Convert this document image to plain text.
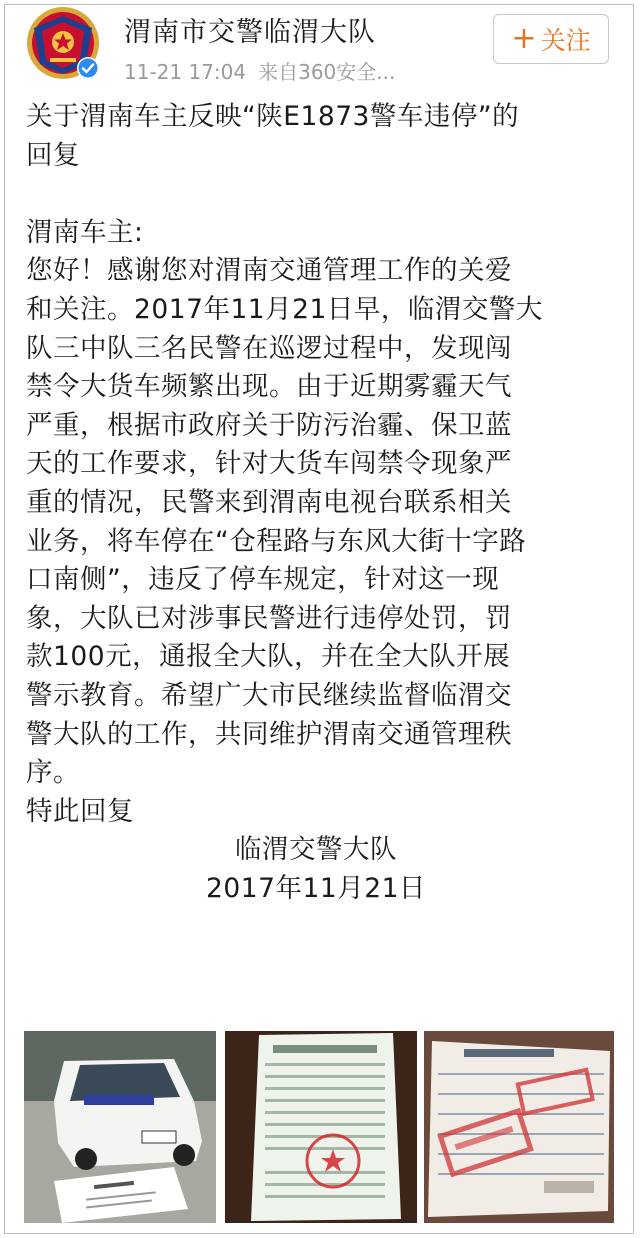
渭南市交警临渭大队
11-21 17:04 来自360安全...
+ 关注

关于渭南车主反映“陕E1873警车违停”的

回复

渭南车主:

您好！感谢您对渭南交通管理工作的关爱

和关注。2017年11月21日早，临渭交警大

队三中队三名民警在巡逻过程中，发现闯

禁令大货车频繁出现。由于近期雾霾天气

严重，根据市政府关于防污治霾、保卫蓝

天的工作要求，针对大货车闯禁令现象严

重的情况，民警来到渭南电视台联系相关

业务，将车停在“仓程路与东风大街十字路

口南侧”，违反了停车规定，针对这一现

象，大队已对涉事民警进行违停处罚，罚

款100元，通报全大队，并在全大队开展

警示教育。希望广大市民继续监督临渭交

警大队的工作，共同维护渭南交通管理秩

序。

特此回复

临渭交警大队

2017年11月21日
